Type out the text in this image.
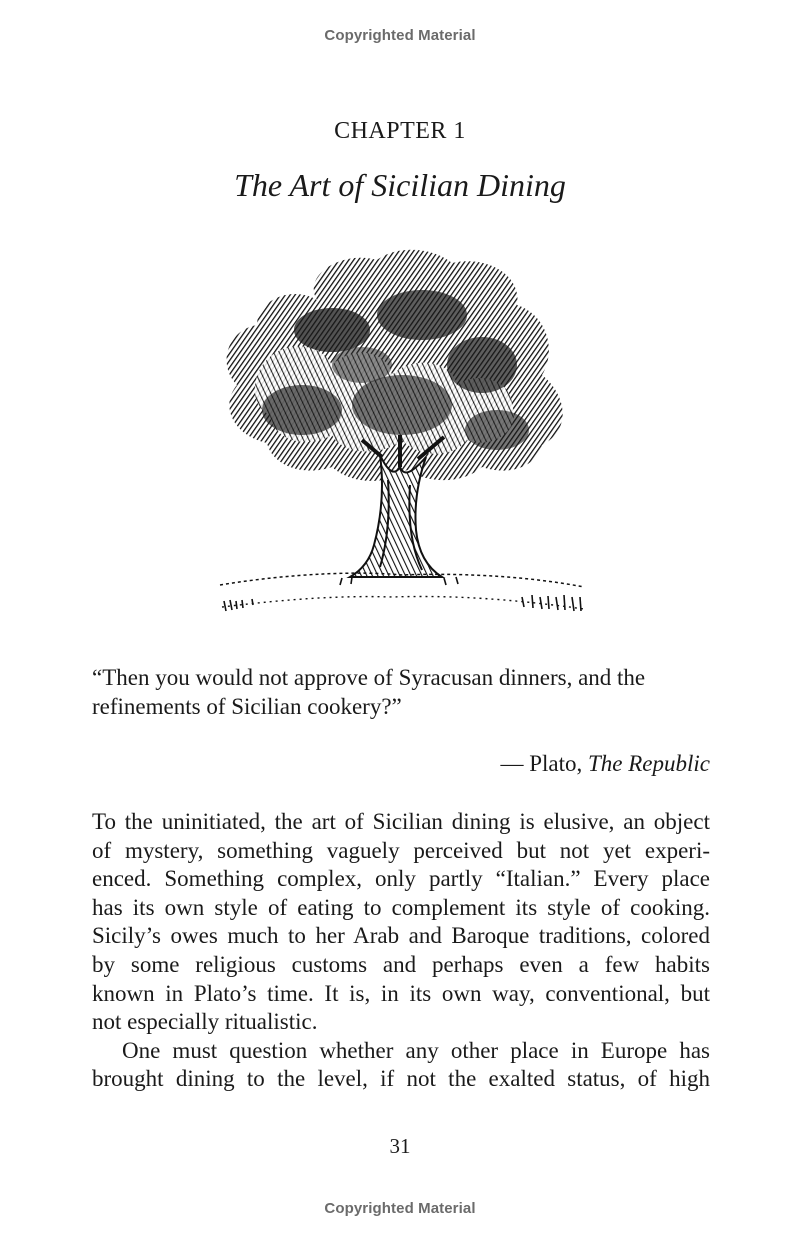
Copyrighted Material
CHAPTER 1
The Art of Sicilian Dining
“Then you would not approve of Syracusan dinners, and the
refinements of Sicilian cookery?”
— Plato, The Republic
To the uninitiated, the art of Sicilian dining is elusive, an object
of mystery, something vaguely perceived but not yet experi-
enced. Something complex, only partly “Italian.” Every place
has its own style of eating to complement its style of cooking.
Sicily’s owes much to her Arab and Baroque traditions, colored
by some religious customs and perhaps even a few habits
known in Plato’s time. It is, in its own way, conventional, but
not especially ritualistic.
One must question whether any other place in Europe has
brought dining to the level, if not the exalted status, of high
31
Copyrighted Material
